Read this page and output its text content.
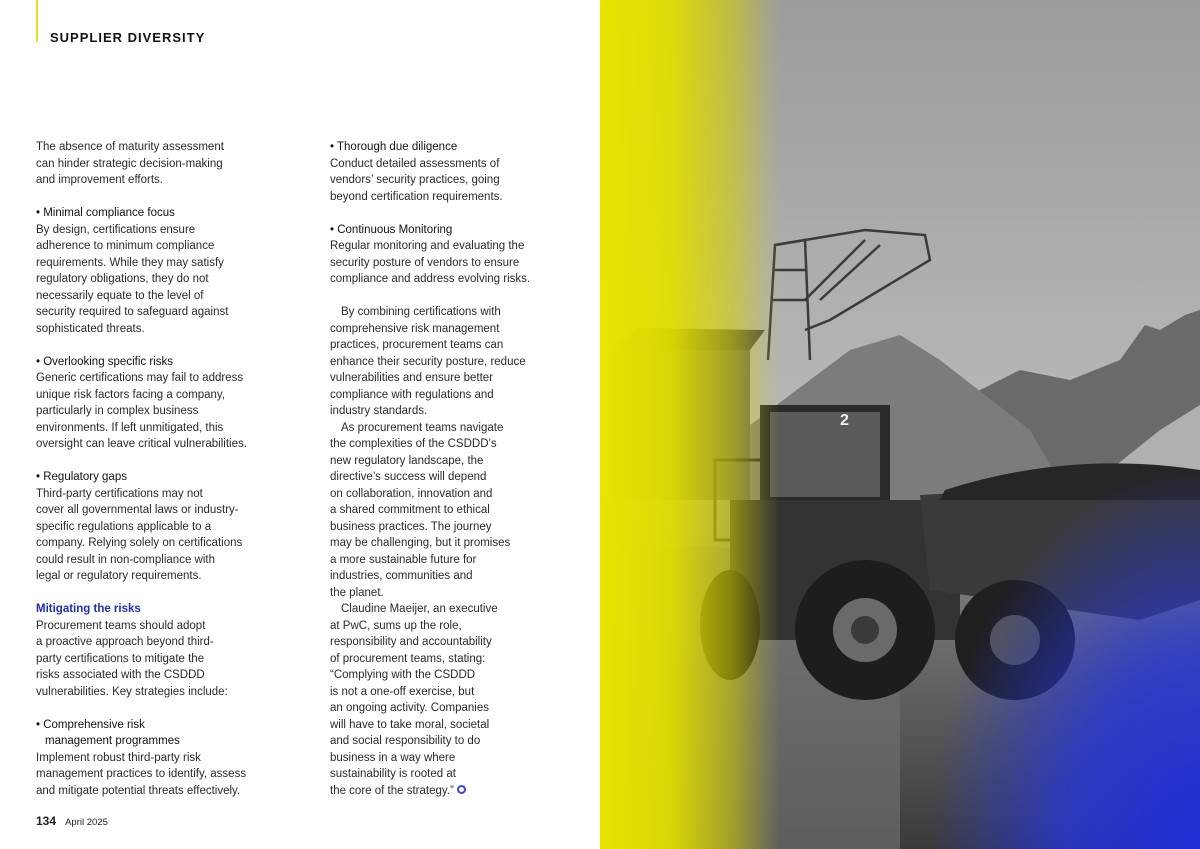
SUPPLIER DIVERSITY

The absence of maturity assessment

can hinder strategic decision-making

and improvement efforts.

• Minimal compliance focus

By design, certifications ensure

adherence to minimum compliance

requirements. While they may satisfy

regulatory obligations, they do not

necessarily equate to the level of

security required to safeguard against

sophisticated threats.

• Overlooking specific risks

Generic certifications may fail to address

unique risk factors facing a company,

particularly in complex business

environments. If left unmitigated, this

oversight can leave critical vulnerabilities.

• Regulatory gaps

Third-party certifications may not

cover all governmental laws or industry-

specific regulations applicable to a

company. Relying solely on certifications

could result in non-compliance with

legal or regulatory requirements.

Mitigating the risks

Procurement teams should adopt

a proactive approach beyond third-

party certifications to mitigate the

risks associated with the CSDDD

vulnerabilities. Key strategies include:

• Comprehensive risk

management programmes

Implement robust third-party risk

management practices to identify, assess

and mitigate potential threats effectively.

• Thorough due diligence

Conduct detailed assessments of

vendors’ security practices, going

beyond certification requirements.

• Continuous Monitoring

Regular monitoring and evaluating the

security posture of vendors to ensure

compliance and address evolving risks.

By combining certifications with

comprehensive risk management

practices, procurement teams can

enhance their security posture, reduce

vulnerabilities and ensure better

compliance with regulations and

industry standards.

As procurement teams navigate

the complexities of the CSDDD’s

new regulatory landscape, the

directive’s success will depend

on collaboration, innovation and

a shared commitment to ethical

business practices. The journey

may be challenging, but it promises

a more sustainable future for

industries, communities and

the planet.

Claudine Maeijer, an executive

at PwC, sums up the role,

responsibility and accountability

of procurement teams, stating:

“Complying with the CSDDD

is not a one-off exercise, but

an ongoing activity. Companies

will have to take moral, societal

and social responsibility to do

business in a way where

sustainability is rooted at

the core of the strategy.”

134 April 2025
